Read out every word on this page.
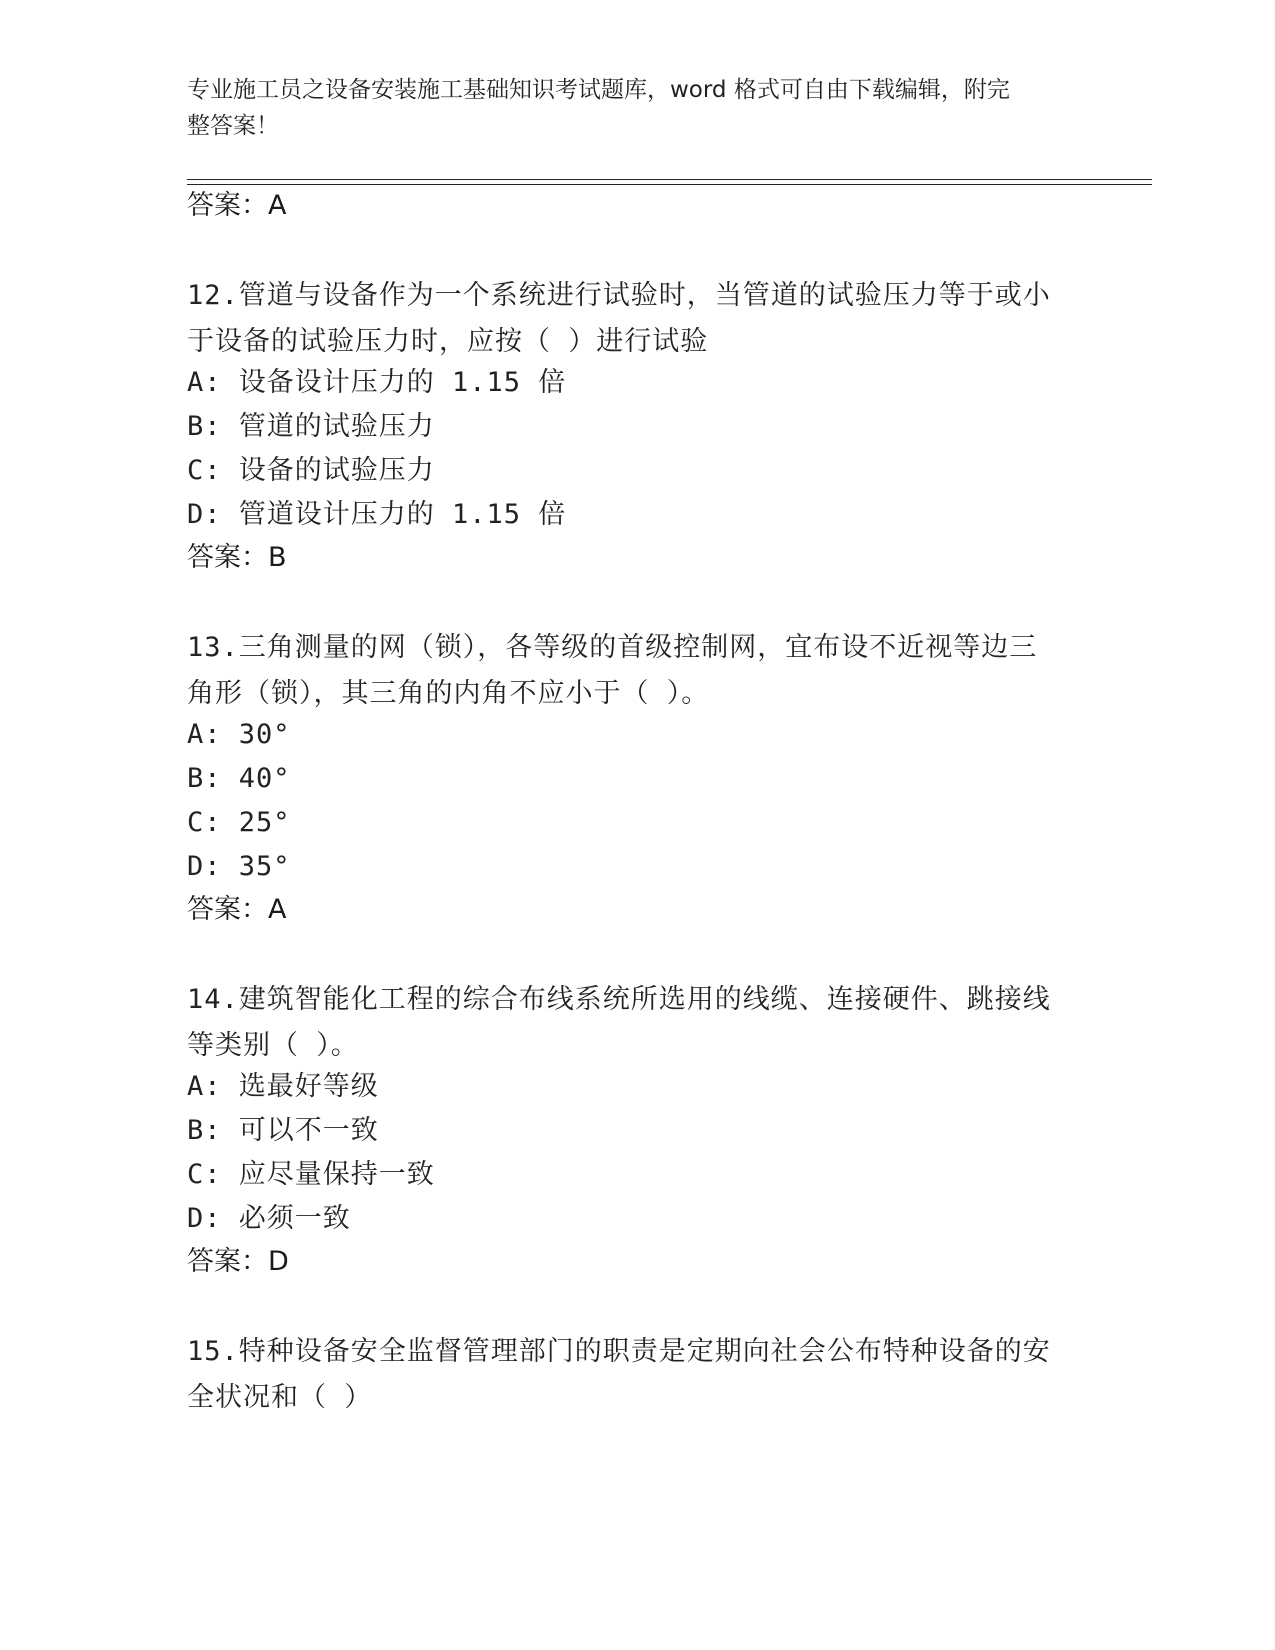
专业施工员之设备安装施工基础知识考试题库，word 格式可自由下载编辑，附完
整答案！
答案：A
12.管道与设备作为一个系统进行试验时，当管道的试验压力等于或小
于设备的试验压力时，应按（ ）进行试验
A: 设备设计压力的 1.15 倍
B: 管道的试验压力
C: 设备的试验压力
D: 管道设计压力的 1.15 倍
答案：B
13.三角测量的网（锁），各等级的首级控制网，宜布设不近视等边三
角形（锁），其三角的内角不应小于（ ）。
A: 30°
B: 40°
C: 25°
D: 35°
答案：A
14.建筑智能化工程的综合布线系统所选用的线缆、连接硬件、跳接线
等类别（ ）。
A: 选最好等级
B: 可以不一致
C: 应尽量保持一致
D: 必须一致
答案：D
15.特种设备安全监督管理部门的职责是定期向社会公布特种设备的安
全状况和（ ）
